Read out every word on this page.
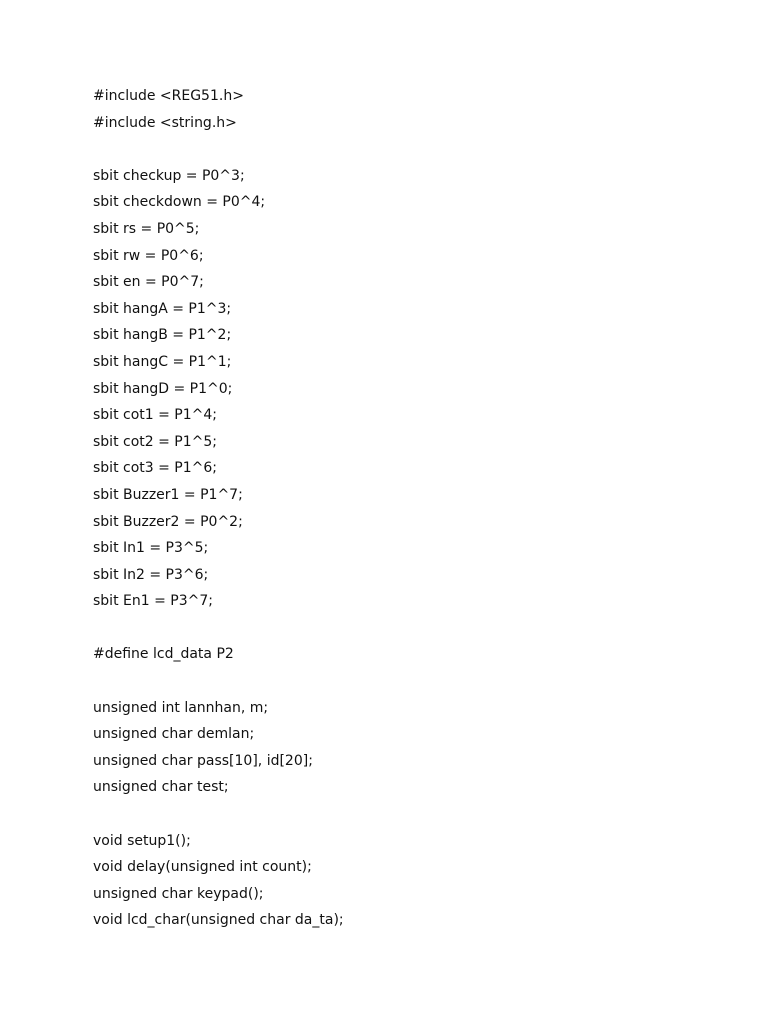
#include <REG51.h>
#include <string.h>
sbit checkup = P0^3;
sbit checkdown = P0^4;
sbit rs = P0^5;
sbit rw = P0^6;
sbit en = P0^7;
sbit hangA = P1^3;
sbit hangB = P1^2;
sbit hangC = P1^1;
sbit hangD = P1^0;
sbit cot1 = P1^4;
sbit cot2 = P1^5;
sbit cot3 = P1^6;
sbit Buzzer1 = P1^7;
sbit Buzzer2 = P0^2;
sbit In1 = P3^5;
sbit In2 = P3^6;
sbit En1 = P3^7;
#define lcd_data P2
unsigned int lannhan, m;
unsigned char demlan;
unsigned char pass[10], id[20];
unsigned char test;
void setup1();
void delay(unsigned int count);
unsigned char keypad();
void lcd_char(unsigned char da_ta);
